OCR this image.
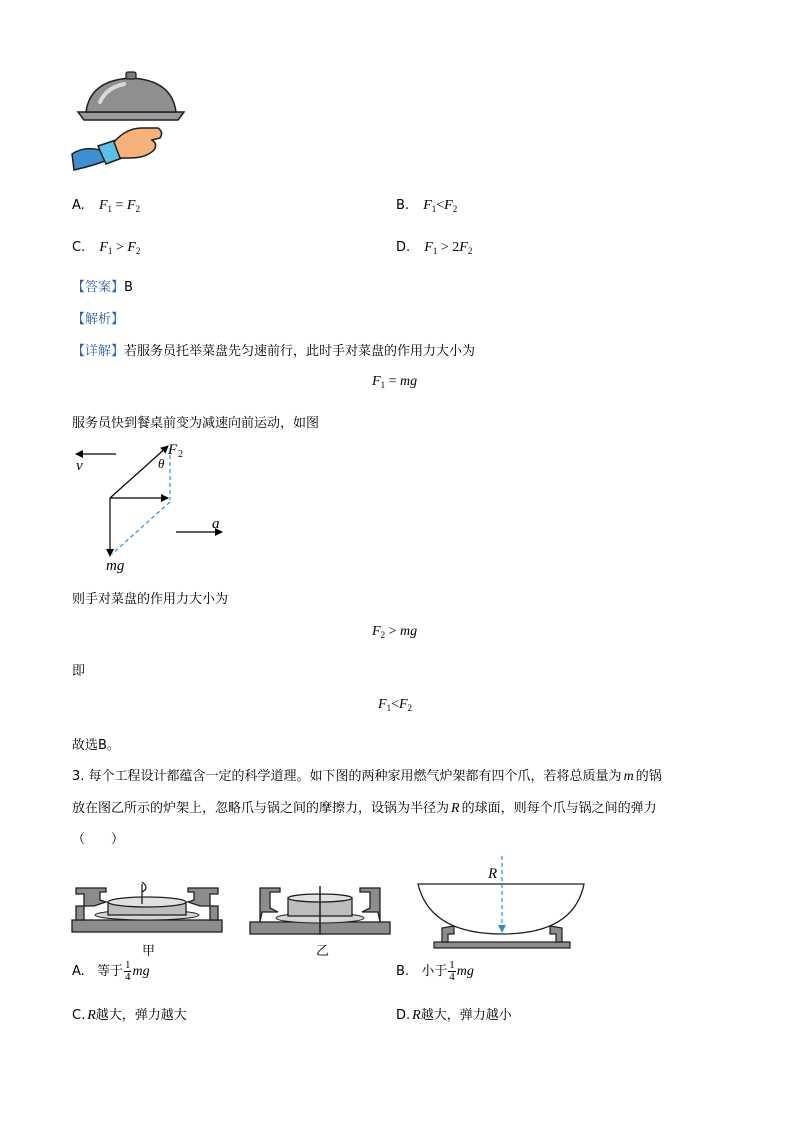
A. $F_1 = F_2$	B. $F_1<F_2$
C. $F_1 > F_2$	D. $F_1 > 2F_2$
【答案】B
【解析】
【详解】若服务员托举菜盘先匀速前行，此时手对菜盘的作用力大小为
$F_1$ = mg
服务员快到餐桌前变为减速向前运动，如图
v
F 2
θ
a
mg
则手对菜盘的作用力大小为
$F_2$ > mg
即
$F_1<F_2$
故选B。
3. 每个工程设计都蕴含一定的科学道理。如下图的两种家用燃气炉架都有四个爪，若将总质量为 m 的锅
放在图乙所示的炉架上，忽略爪与锅之间的摩擦力，设锅为半径为 R 的球面，则每个爪与锅之间的弹力
（　　）
甲	乙
R
A. 等于 $\frac{1}{4}$ mg	B. 小于 $\frac{1}{4}$ mg
C. R越大，弹力越大	D. R越大，弹力越小
